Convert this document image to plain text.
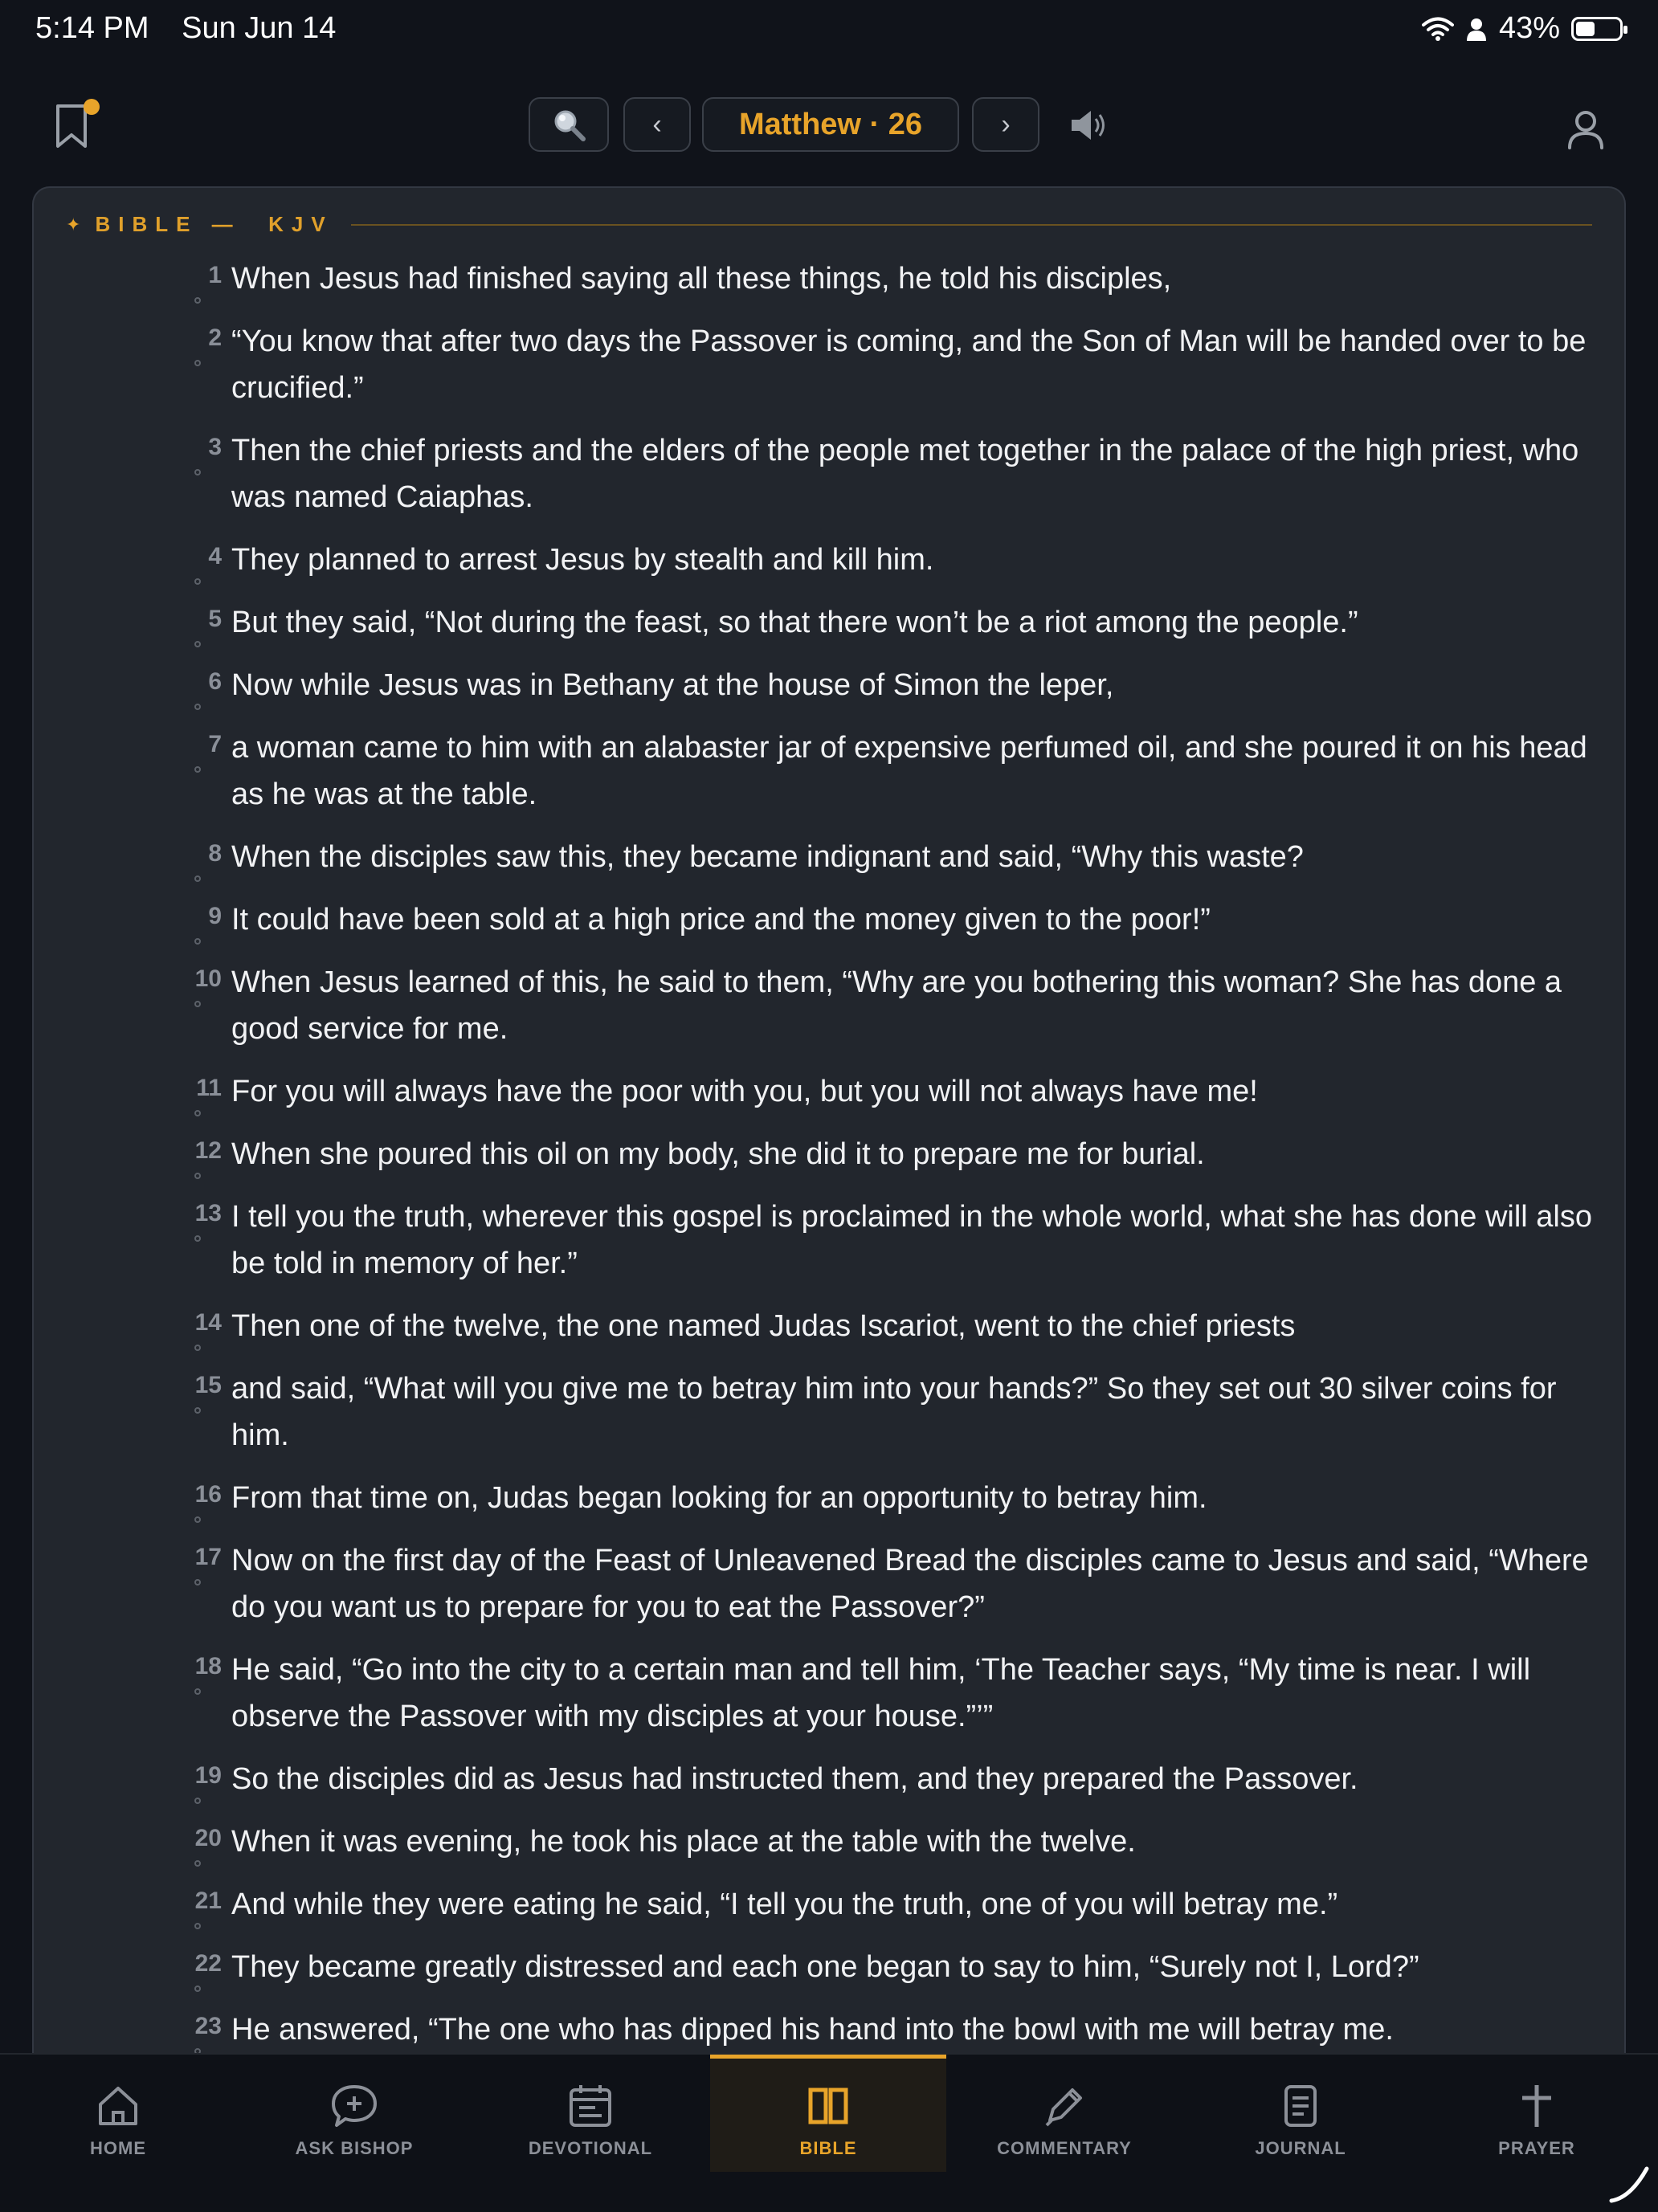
5:14 PM Sun Jun 14	43%
‹	Matthew · 26	›
✦ BIBLE —  KJV
1 When Jesus had finished saying all these things, he told his disciples,
2 “You know that after two days the Passover is coming, and the Son of Man will be handed over to be crucified.”
3 Then the chief priests and the elders of the people met together in the palace of the high priest, who was named Caiaphas.
4 They planned to arrest Jesus by stealth and kill him.
5 But they said, “Not during the feast, so that there won’t be a riot among the people.”
6 Now while Jesus was in Bethany at the house of Simon the leper,
7 a woman came to him with an alabaster jar of expensive perfumed oil, and she poured it on his head as he was at the table.
8 When the disciples saw this, they became indignant and said, “Why this waste?
9 It could have been sold at a high price and the money given to the poor!”
10 When Jesus learned of this, he said to them, “Why are you bothering this woman? She has done a good service for me.
11 For you will always have the poor with you, but you will not always have me!
12 When she poured this oil on my body, she did it to prepare me for burial.
13 I tell you the truth, wherever this gospel is proclaimed in the whole world, what she has done will also be told in memory of her.”
14 Then one of the twelve, the one named Judas Iscariot, went to the chief priests
15 and said, “What will you give me to betray him into your hands?” So they set out 30 silver coins for him.
16 From that time on, Judas began looking for an opportunity to betray him.
17 Now on the first day of the Feast of Unleavened Bread the disciples came to Jesus and said, “Where do you want us to prepare for you to eat the Passover?”
18 He said, “Go into the city to a certain man and tell him, ‘The Teacher says, “My time is near. I will observe the Passover with my disciples at your house.”’”
19 So the disciples did as Jesus had instructed them, and they prepared the Passover.
20 When it was evening, he took his place at the table with the twelve.
21 And while they were eating he said, “I tell you the truth, one of you will betray me.”
22 They became greatly distressed and each one began to say to him, “Surely not I, Lord?”
23 He answered, “The one who has dipped his hand into the bowl with me will betray me.
HOME	ASK BISHOP	DEVOTIONAL	BIBLE	COMMENTARY	JOURNAL	PRAYER
